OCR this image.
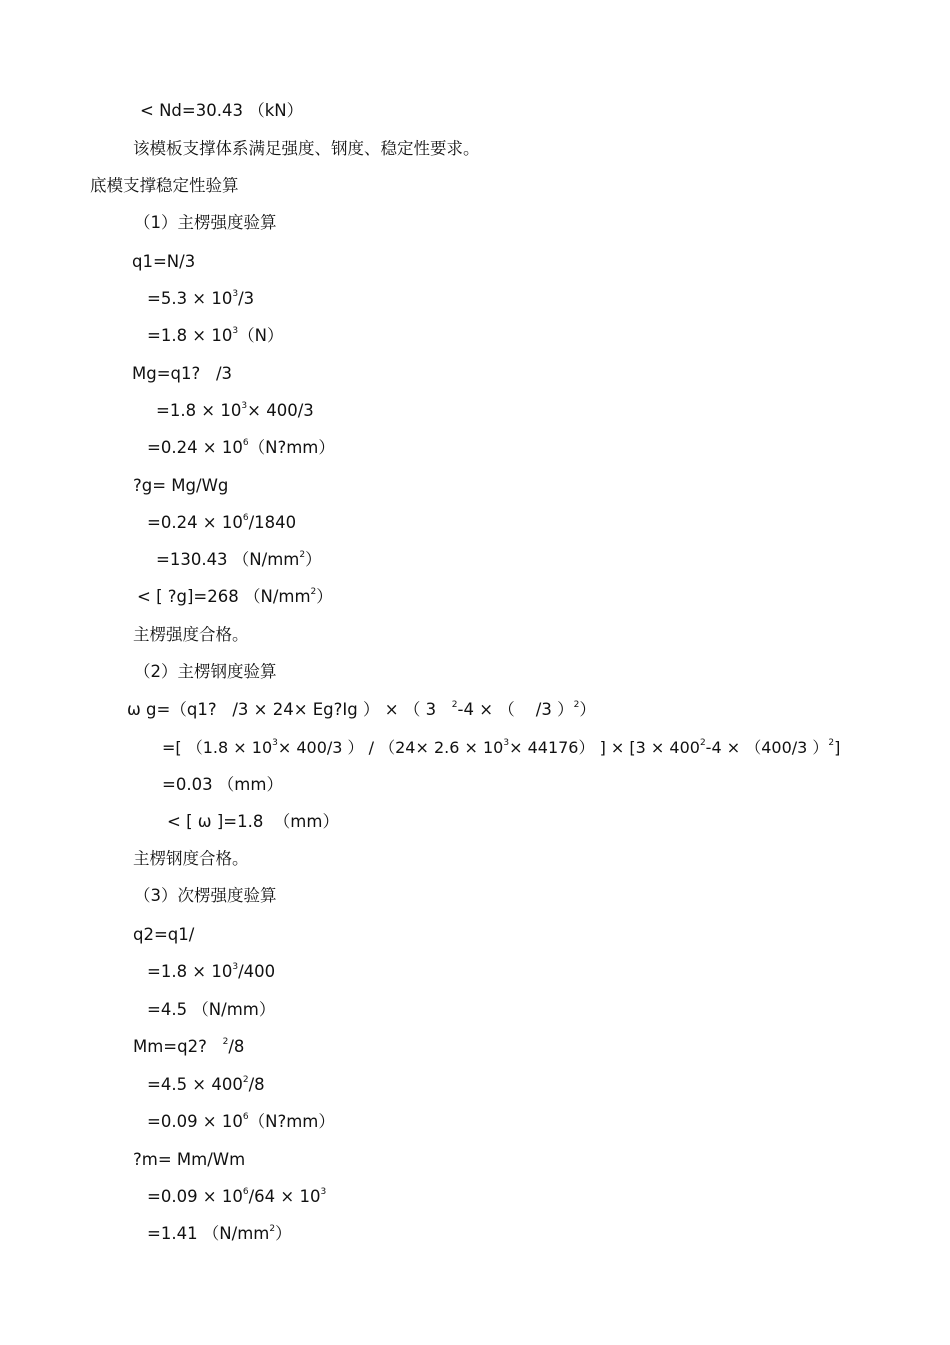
< Nd=30.43 （kN）
该模板支撑体系满足强度、钢度、稳定性要求。
底模支撑稳定性验算
（1）主楞强度验算
q1=N/3
$=5.3 \times 10^3/3$
$=1.8 \times 10^3(N)$
Mg=q1?   /3
$=1.8 \times 10^3\times 400/3$
$=0.24 \times 10^6(N?mm)$
?g= Mg/Wg
$=0.24 \times 10^6/1840$
=130.43 $(N/mm^2)$
< [ ?g]=268 $(N/mm^2)$
主楞强度合格。
（2）主楞钢度验算
ω g=（q1?   /3 × 24× Eg?Ig ） × （ 3   $^2$-4 × （    /3 ）$^2$）
=[ （$1.8 \times 10^3\times 400/3$ ） / $(24\times 2.6 \times 10^3\times 44176)$ ] × [$3 \times 400^2-4 \times (400/3$ ）$^2$]
=0.03 （mm）
< [ ω ]=1.8  （mm）
主楞钢度合格。
（3）次楞强度验算
q2=q1/
$=1.8 \times 10^3/400$
=4.5 （N/mm）
Mm=q2?   $^2$/8
$=4.5 \times 400^2/8$
$=0.09 \times 10^6(N?mm)$
?m= Mm/Wm
$=0.09 \times 10^6/64 \times 10^3$
=1.41 $(N/mm^2)$
